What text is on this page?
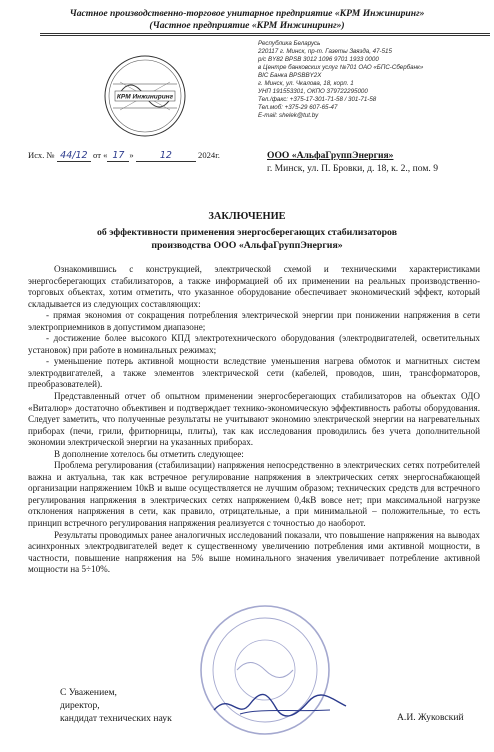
Частное производственно-торговое унитарное предприятие «КРМ Инжиниринг»
(Частное предприятие «КРМ Инжиниринг»)
КРМ Инжиниринг
Республика Беларусь
220117 г. Минск, пр-т. Газеты Звязда, 47-515
р/с BY82 BPSB 3012 1096 9701 1933 0000
в Центре банковских услуг №701 ОАО «БПС-Сбербанк»
BIC Банка BPSBBY2X
г. Минск, ул. Чкалова, 18, корп. 1
УНП 191553301, ОКПО 379722295000
Тел./факс: +375-17-301-71-58 / 301-71-58
Тел.моб: +375-29 607-65-47
E-mail: shelek@tut.by
Исх. № 44/12 от « 17 »	12	2024г.	ООО «АльфаГруппЭнергия»
г. Минск, ул. П. Бровки, д. 18, к. 2., пом. 9
ЗАКЛЮЧЕНИЕ
об эффективности применения энергосберегающих стабилизаторов
производства ООО «АльфаГруппЭнергия»

Ознакомившись с конструкцией, электрической схемой и техническими характеристиками энергосберегающих стабилизаторов, а также информацией об их применении на реальных производственно-торговых объектах, хотим отметить, что указанное оборудование обеспечивает экономический эффект, который складывается из следующих составляющих:

- прямая экономия от сокращения потребления электрической энергии при понижении напряжения в сети электроприемников в допустимом диапазоне;

- достижение более высокого КПД электротехнического оборудования (электродвигателей, осветительных установок) при работе в номинальных режимах;

- уменьшение потерь активной мощности вследствие уменьшения нагрева обмоток и магнитных систем электродвигателей, а также элементов электрической сети (кабелей, проводов, шин, трансформаторов, преобразователей).

Представленный отчет об опытном применении энергосберегающих стабилизаторов на объектах ОДО «Виталюр» достаточно объективен и подтверждает технико-экономическую эффективность работы оборудования. Следует заметить, что полученные результаты не учитывают экономию электрической энергии на нагревательных приборах (печи, грили, фритюрницы, плиты), так как исследования проводились без учета дополнительной экономии электрической энергии на указанных приборах.

В дополнение хотелось бы отметить следующее:

Проблема регулирования (стабилизации) напряжения непосредственно в электрических сетях потребителей важна и актуальна, так как встречное регулирование напряжения в электрических сетях энергоснабжающей организации напряжением 10кВ и выше осуществляется не лучшим образом; технических средств для встречного регулирования напряжения в электрических сетях напряжением 0,4кВ вовсе нет; при максимальной нагрузке отклонения напряжения в сети, как правило, отрицательные, а при минимальной – положительные, то есть принцип встречного регулирования напряжения реализуется с точностью до наоборот.

Результаты проводимых ранее аналогичных исследований показали, что повышение напряжения на выводах асинхронных электродвигателей ведет к существенному увеличению потребления ими активной мощности, в частности, повышение напряжения на 5% выше номинального значения увеличивает потребление активной мощности на 5÷10%.

С Уважением,
директор,
кандидат технических наук	А.И. Жуковский
